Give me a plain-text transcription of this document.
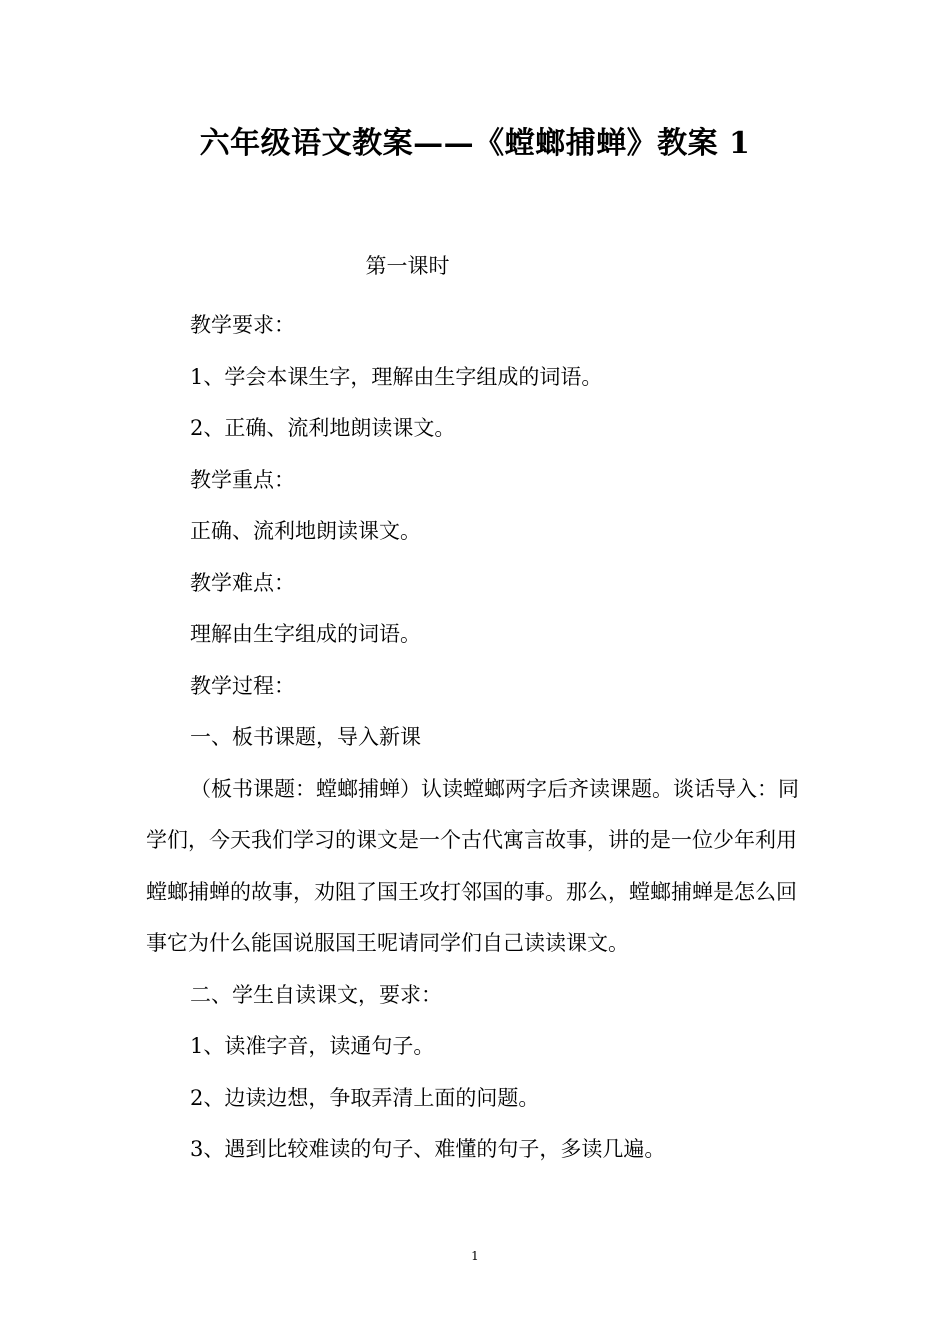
六年级语文教案——《螳螂捕蝉》教案 1
第一课时

教学要求：

1、学会本课生字，理解由生字组成的词语。

2、正确、流利地朗读课文。

教学重点：

正确、流利地朗读课文。

教学难点：

理解由生字组成的词语。

教学过程：

一、板书课题，导入新课

（板书课题：螳螂捕蝉）认读螳螂两字后齐读课题。谈话导入：同学们，今天我们学习的课文是一个古代寓言故事，讲的是一位少年利用螳螂捕蝉的故事，劝阻了国王攻打邻国的事。那么，螳螂捕蝉是怎么回事它为什么能国说服国王呢请同学们自己读读课文。

二、学生自读课文，要求：

1、读准字音，读通句子。

2、边读边想，争取弄清上面的问题。

3、遇到比较难读的句子、难懂的句子，多读几遍。

1
